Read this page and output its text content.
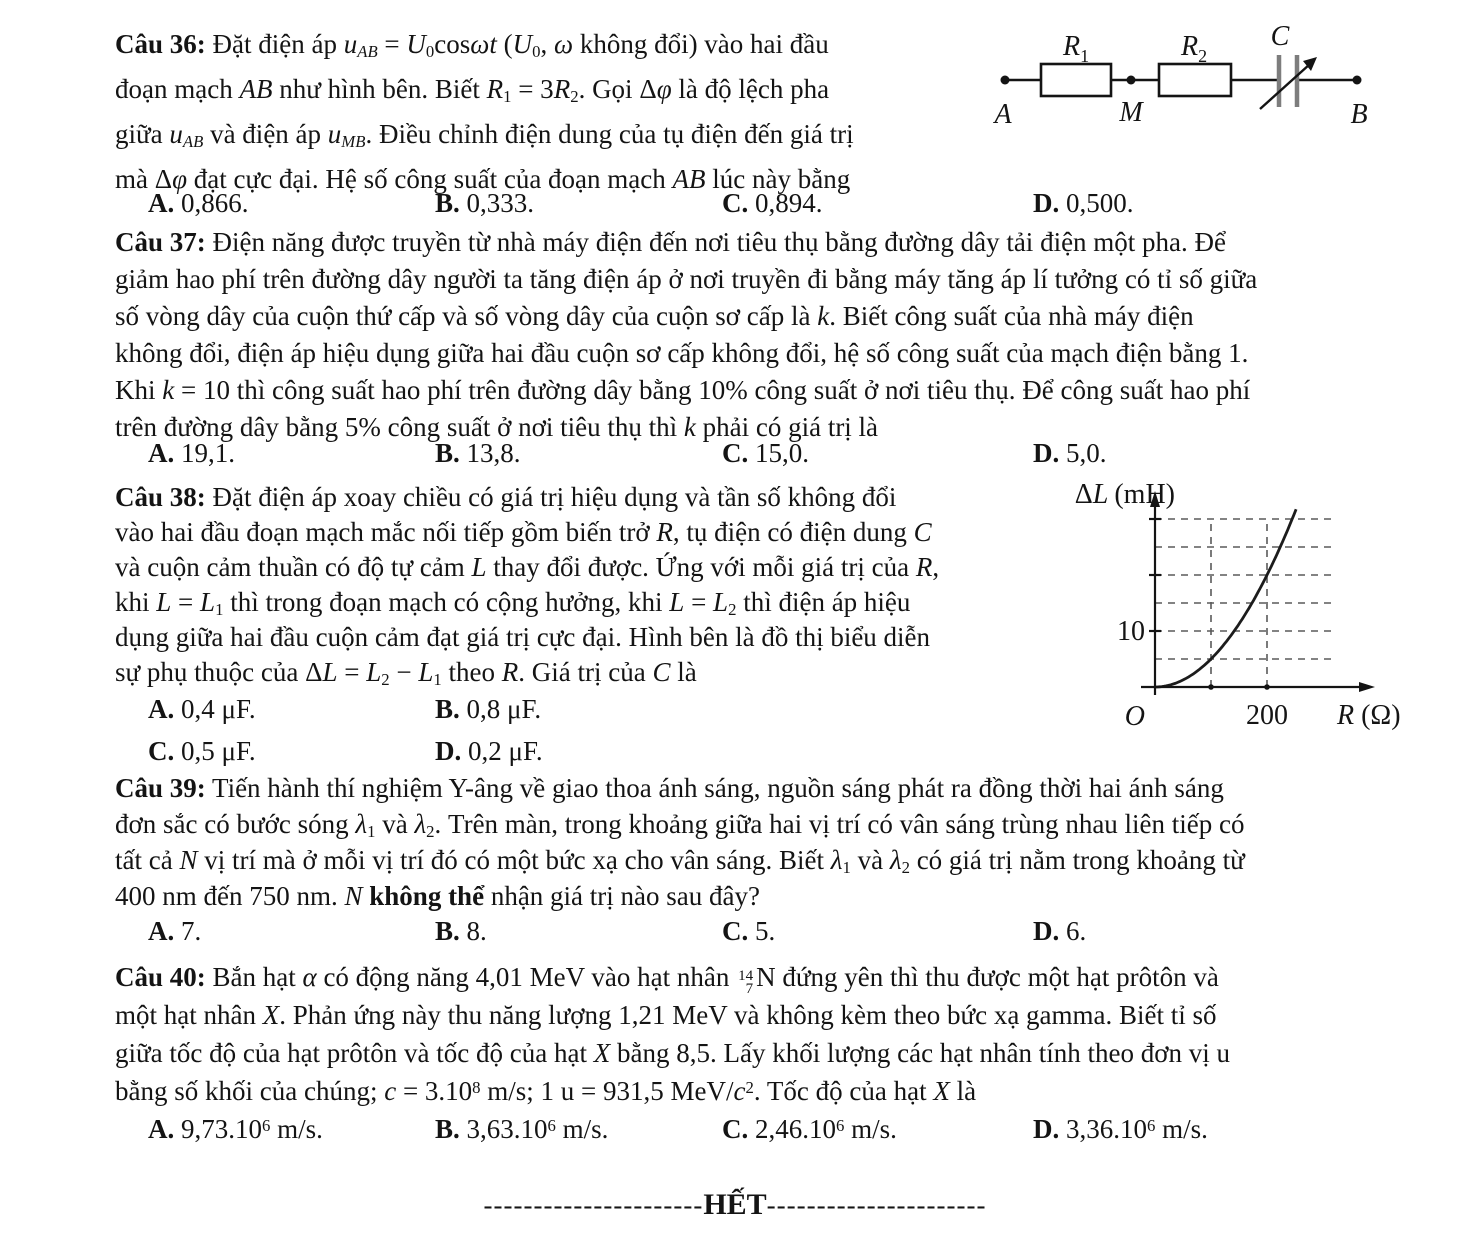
Câu 36: Đặt điện áp uAB = U0cosωt (U0, ω không đổi) vào hai đầu
đoạn mạch AB như hình bên. Biết R1 = 3R2. Gọi Δφ là độ lệch pha
giữa uAB và điện áp uMB. Điều chỉnh điện dung của tụ điện đến giá trị
mà Δφ đạt cực đại. Hệ số công suất của đoạn mạch AB lúc này bằng
A. 0,866.	B. 0,333.	C. 0,894.	D. 0,500.
Câu 37: Điện năng được truyền từ nhà máy điện đến nơi tiêu thụ bằng đường dây tải điện một pha. Để
giảm hao phí trên đường dây người ta tăng điện áp ở nơi truyền đi bằng máy tăng áp lí tưởng có tỉ số giữa
số vòng dây của cuộn thứ cấp và số vòng dây của cuộn sơ cấp là k. Biết công suất của nhà máy điện
không đổi, điện áp hiệu dụng giữa hai đầu cuộn sơ cấp không đổi, hệ số công suất của mạch điện bằng 1.
Khi k = 10 thì công suất hao phí trên đường dây bằng 10% công suất ở nơi tiêu thụ. Để công suất hao phí
trên đường dây bằng 5% công suất ở nơi tiêu thụ thì k phải có giá trị là
A. 19,1.	B. 13,8.	C. 15,0.	D. 5,0.
Câu 38: Đặt điện áp xoay chiều có giá trị hiệu dụng và tần số không đổi
vào hai đầu đoạn mạch mắc nối tiếp gồm biến trở R, tụ điện có điện dung C
và cuộn cảm thuần có độ tự cảm L thay đổi được. Ứng với mỗi giá trị của R,
khi L = L1 thì trong đoạn mạch có cộng hưởng, khi L = L2 thì điện áp hiệu
dụng giữa hai đầu cuộn cảm đạt giá trị cực đại. Hình bên là đồ thị biểu diễn
sự phụ thuộc của ΔL = L2 − L1 theo R. Giá trị của C là
A. 0,4 μF.	B. 0,8 μF.
C. 0,5 μF.	D. 0,2 μF.
Câu 39: Tiến hành thí nghiệm Y-âng về giao thoa ánh sáng, nguồn sáng phát ra đồng thời hai ánh sáng
đơn sắc có bước sóng λ1 và λ2. Trên màn, trong khoảng giữa hai vị trí có vân sáng trùng nhau liên tiếp có
tất cả N vị trí mà ở mỗi vị trí đó có một bức xạ cho vân sáng. Biết λ1 và λ2 có giá trị nằm trong khoảng từ
400 nm đến 750 nm. N không thể nhận giá trị nào sau đây?
A. 7.	B. 8.	C. 5.	D. 6.
Câu 40: Bắn hạt α có động năng 4,01 MeV vào hạt nhân 14
7 N đứng yên thì thu được một hạt prôtôn và
một hạt nhân X. Phản ứng này thu năng lượng 1,21 MeV và không kèm theo bức xạ gamma. Biết tỉ số
giữa tốc độ của hạt prôtôn và tốc độ của hạt X bằng 8,5. Lấy khối lượng các hạt nhân tính theo đơn vị u
bằng số khối của chúng; $c = 3.10^8$ m/s; 1 u = 931,5 MeV/$c^2$. Tốc độ của hạt X là
A. 9,73.10$^6$ m/s.	B. 3,63.10$^6$ m/s.	C. 2,46.10$^6$ m/s.	D. 3,36.10$^6$ m/s.
$R_1$	$R_2$
C
A	M	B
ΔL (mH)
10
O	200 R (Ω)
----------------------HẾT----------------------
